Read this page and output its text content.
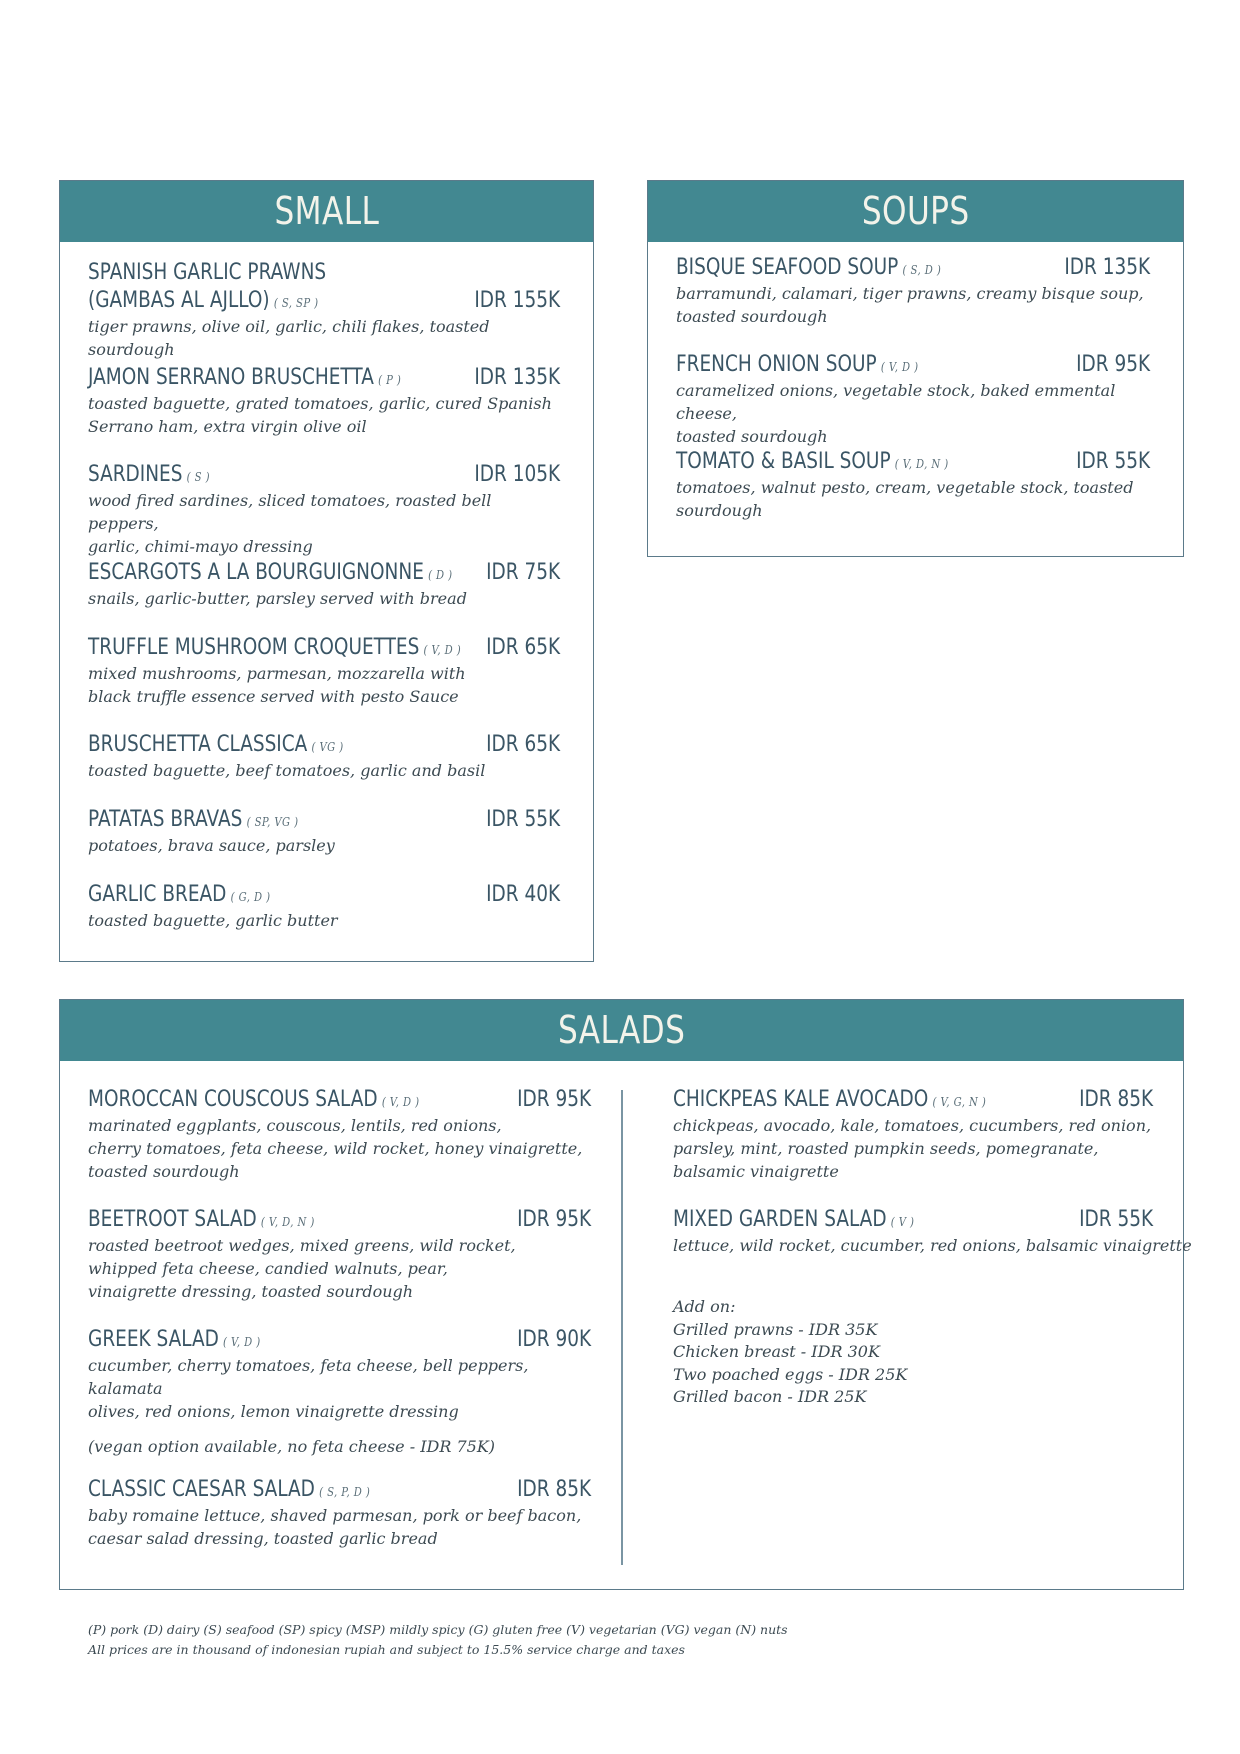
SMALL
SPANISH GARLIC PRAWNS
(GAMBAS AL AJLLO) ( S, SP )	IDR 155K
tiger prawns, olive oil, garlic, chili flakes, toasted sourdough
JAMON SERRANO BRUSCHETTA ( P )	IDR 135K
toasted baguette, grated tomatoes, garlic, cured Spanish
Serrano ham, extra virgin olive oil
SARDINES ( S )	IDR 105K
wood fired sardines, sliced tomatoes, roasted bell peppers,
garlic, chimi-mayo dressing
ESCARGOTS A LA BOURGUIGNONNE ( D ) IDR 75K
snails, garlic-butter, parsley served with bread
TRUFFLE MUSHROOM CROQUETTES ( V, D ) IDR 65K
mixed mushrooms, parmesan, mozzarella with
black truffle essence served with pesto Sauce
BRUSCHETTA CLASSICA ( VG )	IDR 65K
toasted baguette, beef tomatoes, garlic and basil
PATATAS BRAVAS ( SP, VG )	IDR 55K
potatoes, brava sauce, parsley
GARLIC BREAD ( G, D )	IDR 40K
toasted baguette, garlic butter
SOUPS
BISQUE SEAFOOD SOUP ( S, D )	IDR 135K
barramundi, calamari, tiger prawns, creamy bisque soup,
toasted sourdough
FRENCH ONION SOUP ( V, D )	IDR 95K
caramelized onions, vegetable stock, baked emmental cheese,
toasted sourdough
TOMATO & BASIL SOUP ( V, D, N )	IDR 55K
tomatoes, walnut pesto, cream, vegetable stock, toasted
sourdough
SALADS
MOROCCAN COUSCOUS SALAD ( V, D )	IDR 95K
marinated eggplants, couscous, lentils, red onions,
cherry tomatoes, feta cheese, wild rocket, honey vinaigrette,
toasted sourdough
BEETROOT SALAD ( V, D, N )	IDR 95K
roasted beetroot wedges, mixed greens, wild rocket,
whipped feta cheese, candied walnuts, pear,
vinaigrette dressing, toasted sourdough
GREEK SALAD ( V, D )	IDR 90K
cucumber, cherry tomatoes, feta cheese, bell peppers, kalamata
olives, red onions, lemon vinaigrette dressing
(vegan option available, no feta cheese - IDR 75K)
CLASSIC CAESAR SALAD ( S, P, D )	IDR 85K
baby romaine lettuce, shaved parmesan, pork or beef bacon,
caesar salad dressing, toasted garlic bread
CHICKPEAS KALE AVOCADO ( V, G, N )	IDR 85K
chickpeas, avocado, kale, tomatoes, cucumbers, red onion,
parsley, mint, roasted pumpkin seeds, pomegranate,
balsamic vinaigrette
MIXED GARDEN SALAD ( V )	IDR 55K
lettuce, wild rocket, cucumber, red onions, balsamic vinaigrette
Add on:
Grilled prawns - IDR 35K
Chicken breast - IDR 30K
Two poached eggs - IDR 25K
Grilled bacon - IDR 25K
(P) pork (D) dairy (S) seafood (SP) spicy (MSP) mildly spicy (G) gluten free (V) vegetarian (VG) vegan (N) nuts
All prices are in thousand of indonesian rupiah and subject to 15.5% service charge and taxes
